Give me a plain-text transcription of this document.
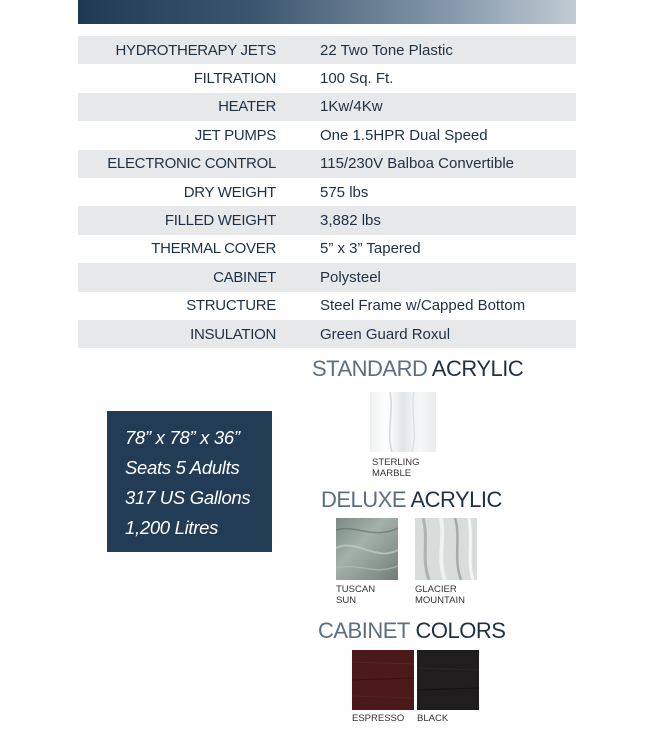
HYDROTHERAPY JETS	22 Two Tone Plastic
FILTRATION	100 Sq. Ft.
HEATER	1Kw/4Kw
JET PUMPS	One 1.5HPR Dual Speed
ELECTRONIC CONTROL	115/230V Balboa Convertible
DRY WEIGHT	575 lbs
FILLED WEIGHT	3,882 lbs
THERMAL COVER	5” x 3” Tapered
CABINET	Polysteel
STRUCTURE	Steel Frame w/Capped Bottom
INSULATION	Green Guard Roxul
78” x 78” x 36”
Seats 5 Adults
317 US Gallons
1,200 Litres
STANDARD ACRYLIC
STERLING
MARBLE
DELUXE ACRYLIC
TUSCAN
SUN
GLACIER
MOUNTAIN
CABINET COLORS
ESPRESSO BLACK
